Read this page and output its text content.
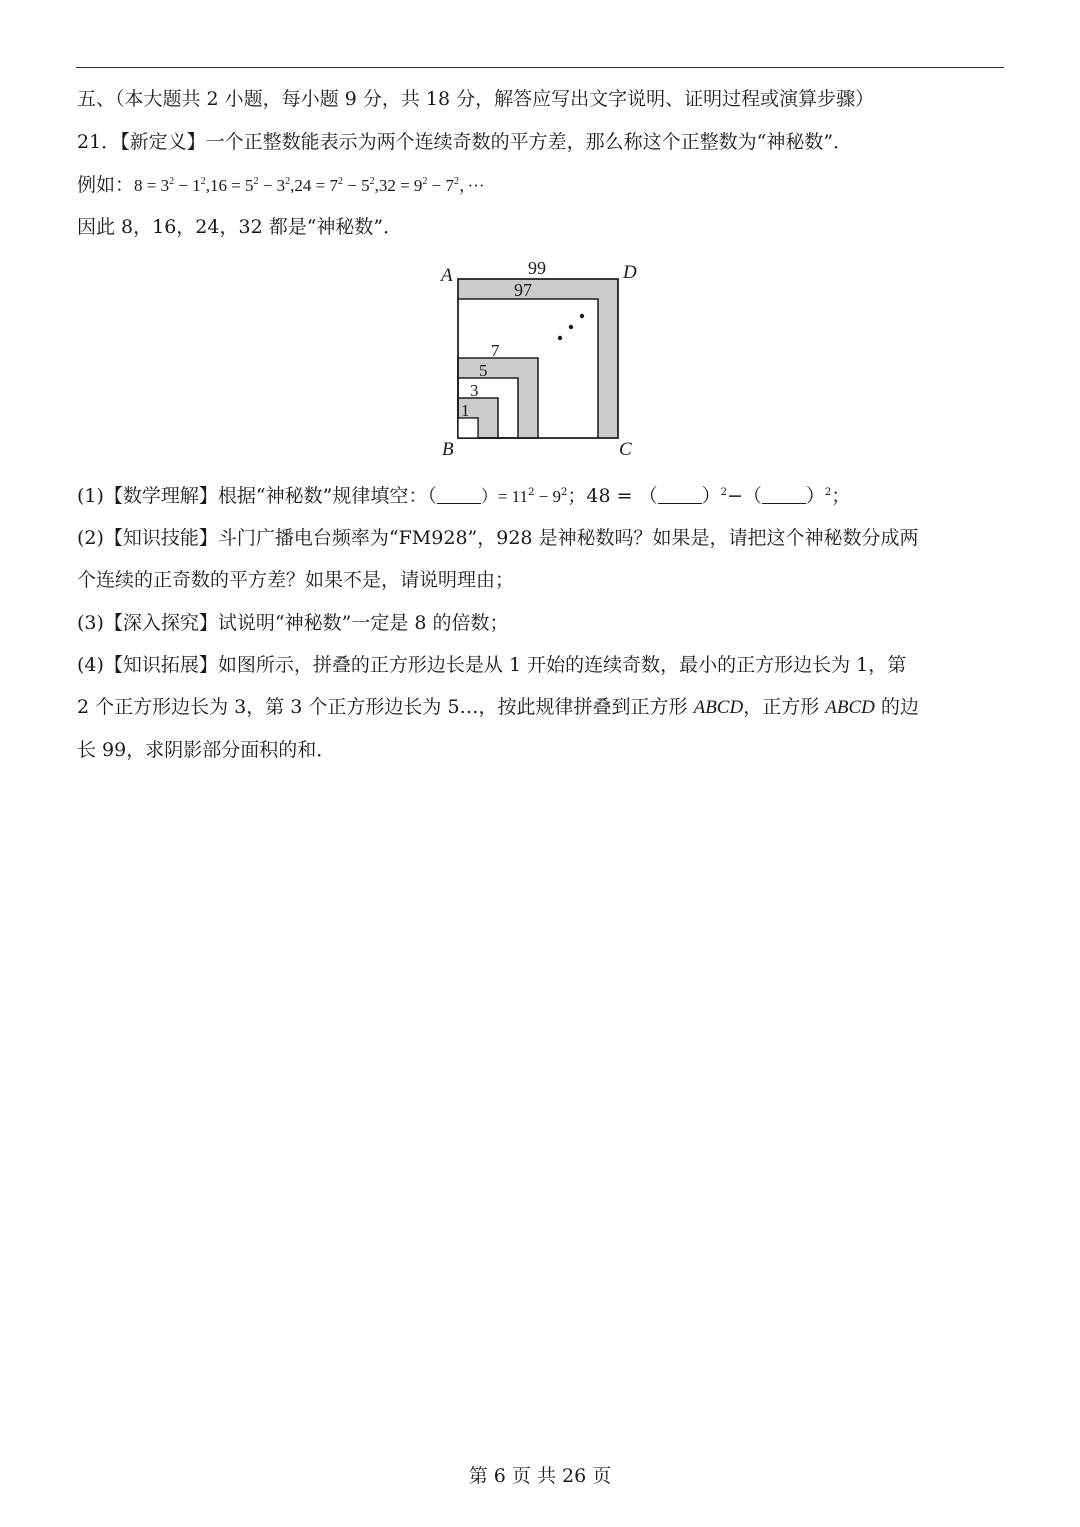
五、（本大题共 2 小题，每小题 9 分，共 18 分，解答应写出文字说明、证明过程或演算步骤）
21．【新定义】一个正整数能表示为两个连续奇数的平方差，那么称这个正整数为“神秘数”．
例如：$8 = 3^2 - 1^2,16 = 5^2 - 3^2,24 = 7^2 - 5^2,32 = 9^2 - 7^2$，···
因此 8，16，24，32 都是“神秘数”．
A	D
B	C
99
97
7
5
3
1
(1)【数学理解】根据“神秘数”规律填空：（	）= $11^2 - 9^2$；48 = （ ）$^2$−（ ）$^2$；
(2)【知识技能】斗门广播电台频率为“FM928”，928 是神秘数吗？如果是，请把这个神秘数分成两
个连续的正奇数的平方差？如果不是，请说明理由；
(3)【深入探究】试说明“神秘数”一定是 8 的倍数；
(4)【知识拓展】如图所示，拼叠的正方形边长是从 1 开始的连续奇数，最小的正方形边长为 1，第
2 个正方形边长为 3，第 3 个正方形边长为 5…，按此规律拼叠到正方形 ABCD，正方形 ABCD 的边
长 99，求阴影部分面积的和．
第 6 页 共 26 页
